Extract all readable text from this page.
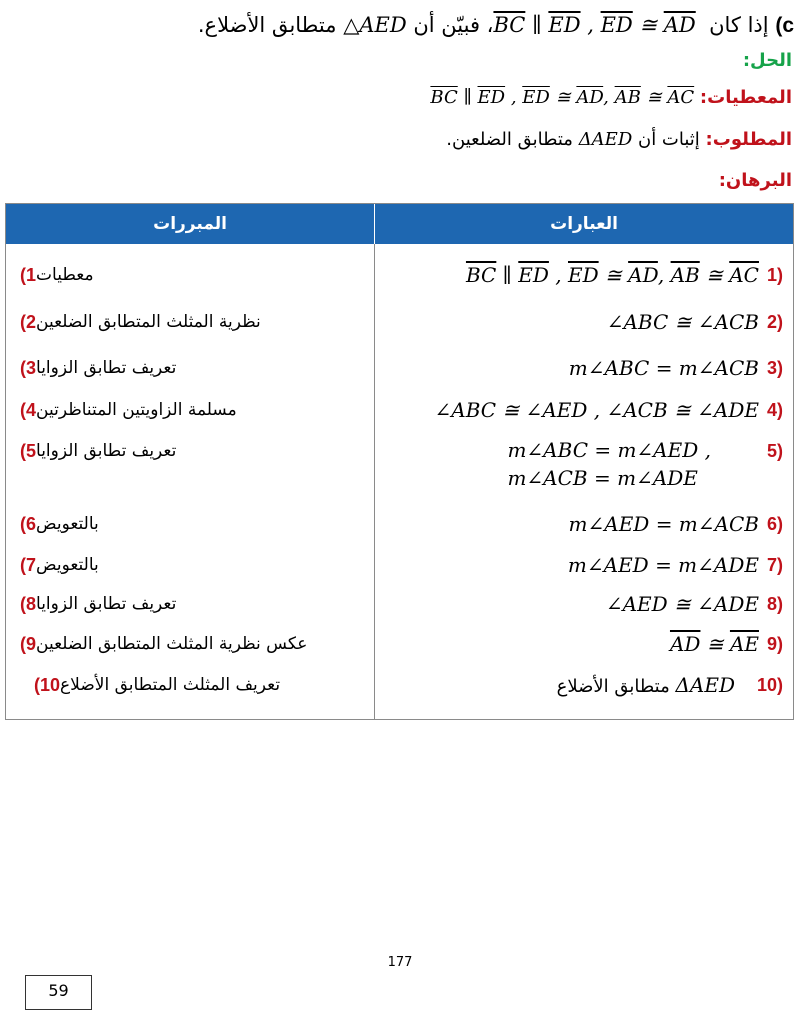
c) إذا كان $\overline{BC}$ ∥ $\overline{ED}$ , $\overline{ED}$ ≅ $\overline{AD}$ ، فبيّن أن △AED متطابق الأضلاع.
الحل:
المعطيات: $\overline{BC}$ ∥ $\overline{ED}$ , $\overline{ED}$ ≅ $\overline{AD}$, $\overline{AB}$ ≅ $\overline{AC}$
المطلوب: إثبات أن ΔAED متطابق الضلعين.
البرهان:
العبارات
المبررات
1)
$\overline{BC}$ ∥ $\overline{ED}$ , $\overline{ED}$ ≅ $\overline{AD}$, $\overline{AB}$ ≅ $\overline{AC}$
1) معطيات
2)
∠ABC ≅ ∠ACB
2) نظرية المثلث المتطابق الضلعين
3)
m∠ABC = m∠ACB
3) تعريف تطابق الزوايا
4)
∠ABC ≅ ∠AED , ∠ACB ≅ ∠ADE
4) مسلمة الزاويتين المتناظرتين
5)
m∠ABC = m∠AED ,
m∠ACB = m∠ADE
5) تعريف تطابق الزوايا
6)
m∠AED = m∠ACB
6) بالتعويض
7)
m∠AED = m∠ADE
7) بالتعويض
8)
∠AED ≅ ∠ADE
8) تعريف تطابق الزوايا
9)
$\overline{AD}$ ≅ $\overline{AE}$
9) عكس نظرية المثلث المتطابق الضلعين
10)
ΔAED متطابق الأضلاع
10) تعريف المثلث المتطابق الأضلاع
177
59
